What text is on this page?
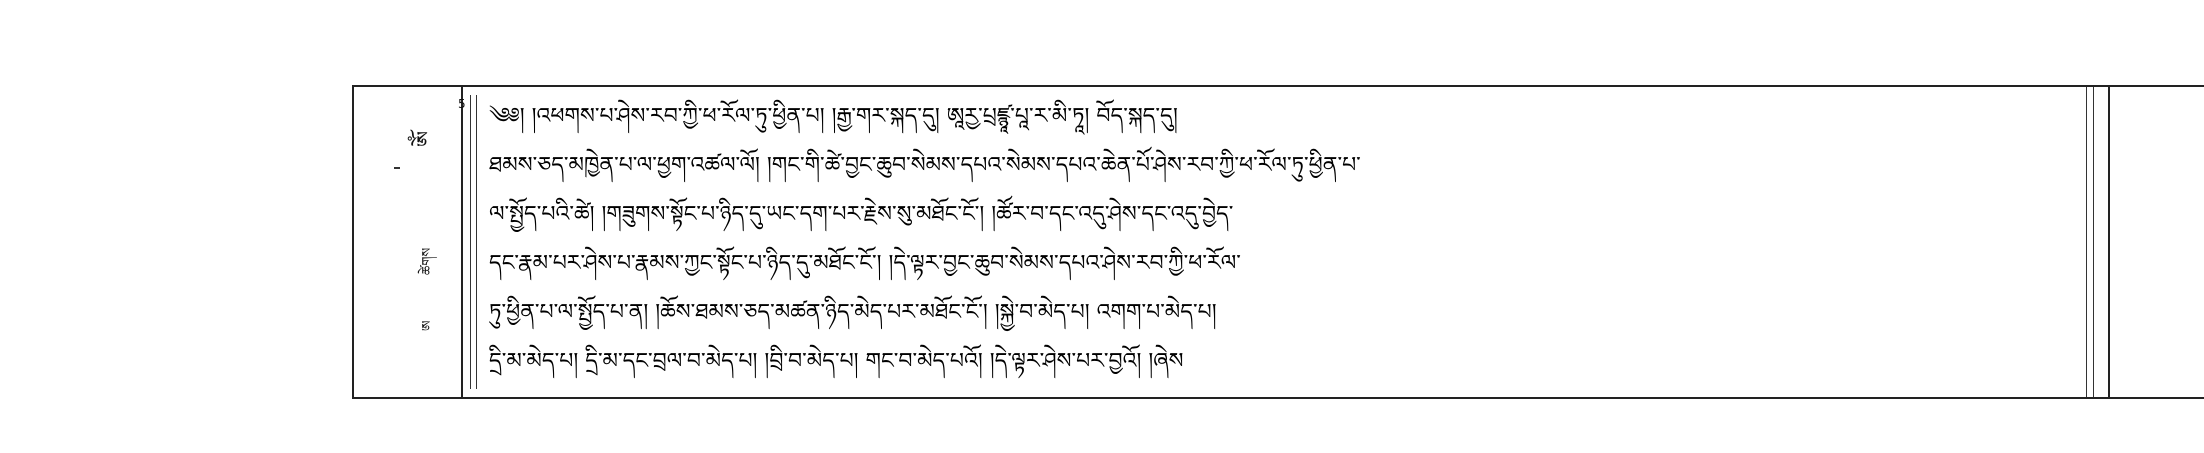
ༀ
ཚེགས
ཨ
5 ༄༅། །འཕགས་པ་ཤེས་རབ་ཀྱི་ཕ་རོལ་ཏུ་ཕྱིན་པ། །རྒྱ་གར་སྐད་དུ། ཨཱརྱ་པྲཛྙཱ་པཱ་ར་མི་ཏཱ། བོད་སྐད་དུ།
ཐམས་ཅད་མཁྱེན་པ་ལ་ཕྱག་འཚལ་ལོ། །གང་གི་ཚེ་བྱང་ཆུབ་སེམས་དཔའ་སེམས་དཔའ་ཆེན་པོ་ཤེས་རབ་ཀྱི་ཕ་རོལ་ཏུ་ཕྱིན་པ་
ལ་སྤྱོད་པའི་ཚེ། །གཟུགས་སྟོང་པ་ཉིད་དུ་ཡང་དག་པར་རྗེས་སུ་མཐོང་ངོ་། །ཚོར་བ་དང་འདུ་ཤེས་དང་འདུ་བྱེད་
དང་རྣམ་པར་ཤེས་པ་རྣམས་ཀྱང་སྟོང་པ་ཉིད་དུ་མཐོང་ངོ་། །དེ་ལྟར་བྱང་ཆུབ་སེམས་དཔའ་ཤེས་རབ་ཀྱི་ཕ་རོལ་
ཏུ་ཕྱིན་པ་ལ་སྤྱོད་པ་ན། །ཆོས་ཐམས་ཅད་མཚན་ཉིད་མེད་པར་མཐོང་ངོ་། །སྐྱེ་བ་མེད་པ། འགག་པ་མེད་པ།
དྲི་མ་མེད་པ། དྲི་མ་དང་བྲལ་བ་མེད་པ། །བྲི་བ་མེད་པ། གང་བ་མེད་པའོ། །དེ་ལྟར་ཤེས་པར་བྱའོ། །ཞེས
